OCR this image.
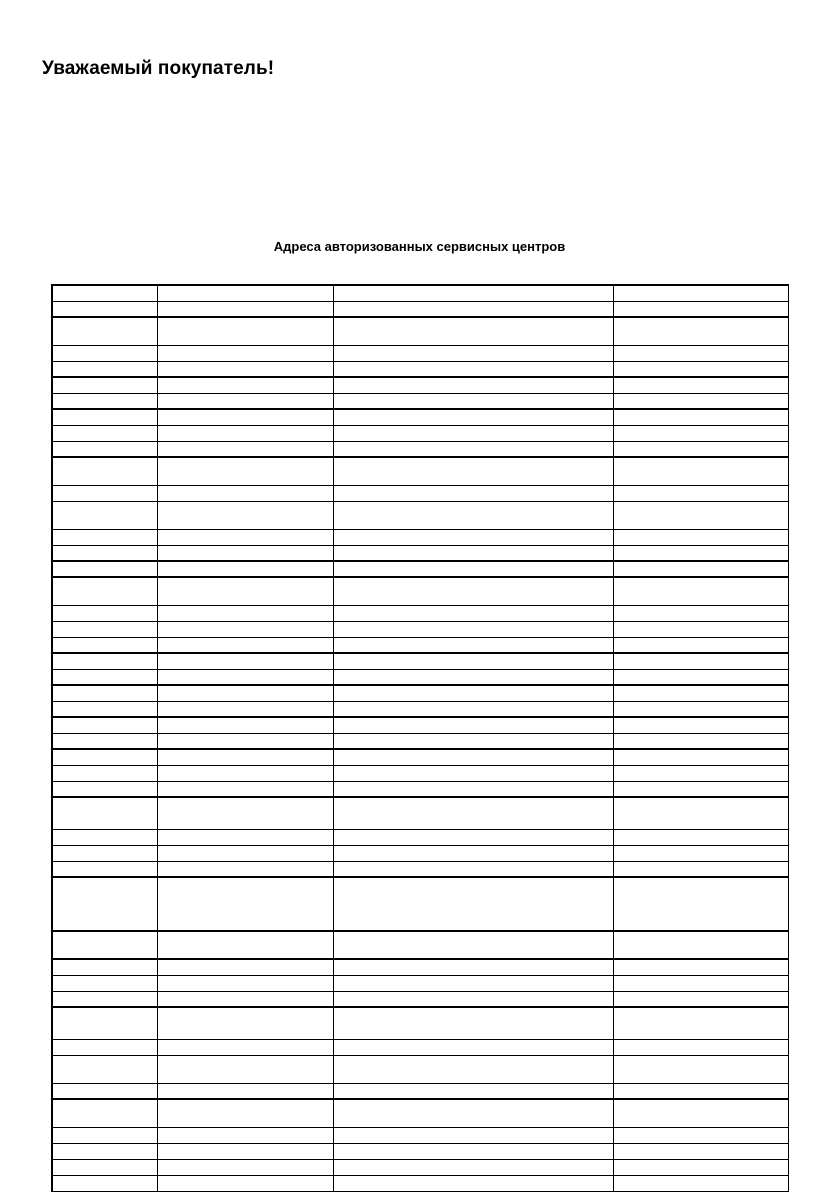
Уважаемый покупатель!
Адреса авторизованных сервисных центров
